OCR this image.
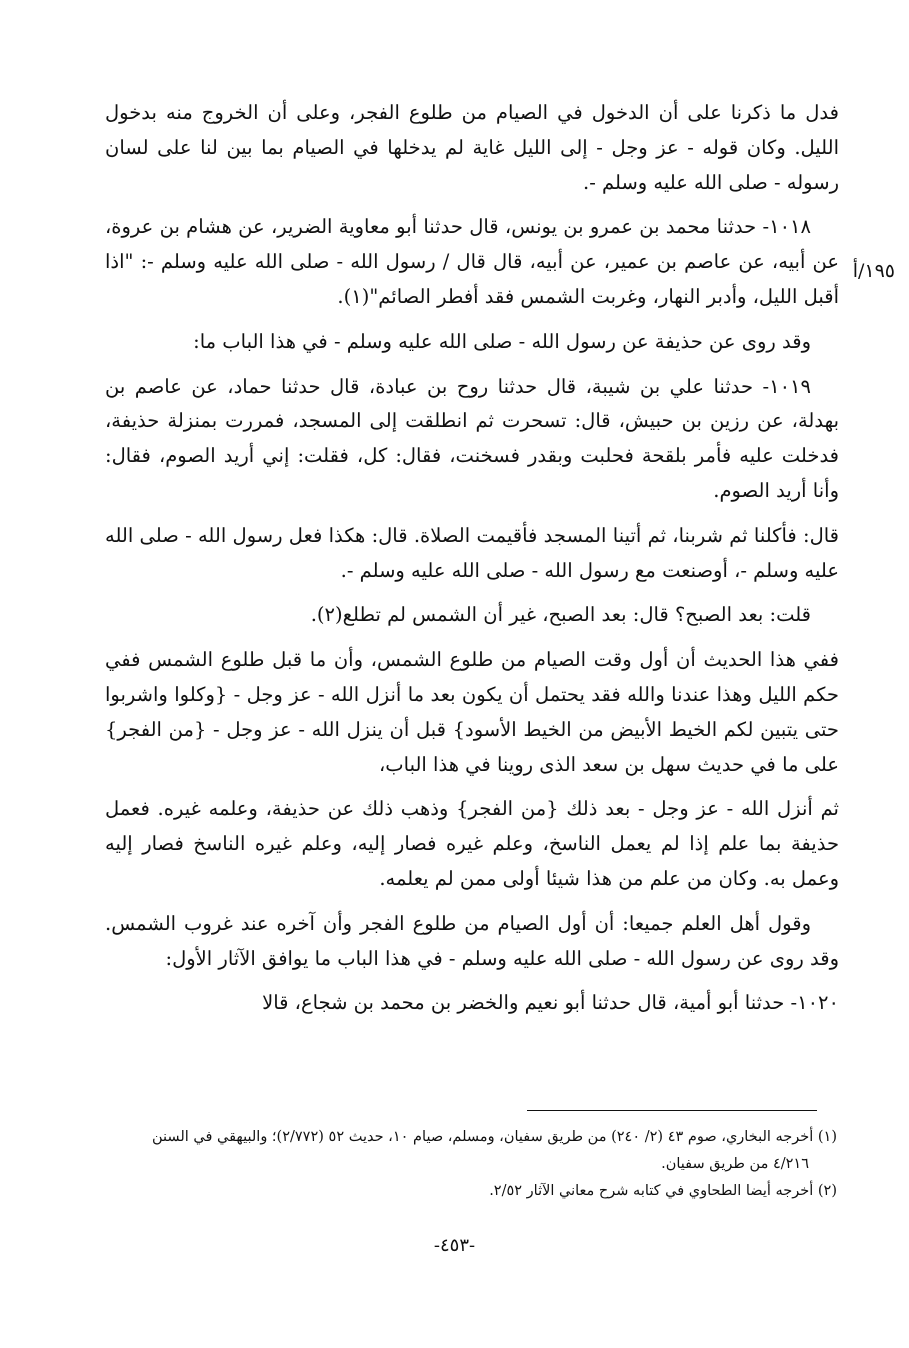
١٩٥/أ

فدل ما ذكرنا على أن الدخول في الصيام من طلوع الفجر، وعلى أن الخروج منه بدخول الليل. وكان قوله - عز وجل - إلى الليل غاية لم يدخلها في الصيام بما بين لنا على لسان رسوله - صلى الله عليه وسلم -.

١٠١٨- حدثنا محمد بن عمرو بن يونس، قال حدثنا أبو معاوية الضرير، عن هشام بن عروة، عن أبيه، عن عاصم بن عمير، عن أبيه، قال قال / رسول الله - صلى الله عليه وسلم -: "اذا أقبل الليل، وأدبر النهار، وغربت الشمس فقد أفطر الصائم"(١).

وقد روى عن حذيفة عن رسول الله - صلى الله عليه وسلم - في هذا الباب ما:

١٠١٩- حدثنا علي بن شيبة، قال حدثنا روح بن عبادة، قال حدثنا حماد، عن عاصم بن بهدلة، عن رزين بن حبيش، قال: تسحرت ثم انطلقت إلى المسجد، فمررت بمنزلة حذيفة، فدخلت عليه فأمر بلقحة فحلبت وبقدر فسخنت، فقال: كل، فقلت: إني أريد الصوم، فقال: وأنا أريد الصوم.

قال: فأكلنا ثم شربنا، ثم أتينا المسجد فأقيمت الصلاة. قال: هكذا فعل رسول الله - صلى الله عليه وسلم -، أوصنعت مع رسول الله - صلى الله عليه وسلم -.

قلت: بعد الصبح؟ قال: بعد الصبح، غير أن الشمس لم تطلع(٢).

ففي هذا الحديث أن أول وقت الصيام من طلوع الشمس، وأن ما قبل طلوع الشمس ففي حكم الليل وهذا عندنا والله فقد يحتمل أن يكون بعد ما أنزل الله - عز وجل - {وكلوا واشربوا حتى يتبين لكم الخيط الأبيض من الخيط الأسود} قبل أن ينزل الله - عز وجل - {من الفجر} على ما في حديث سهل بن سعد الذى روينا في هذا الباب،

ثم أنزل الله - عز وجل - بعد ذلك {من الفجر} وذهب ذلك عن حذيفة، وعلمه غيره. فعمل حذيفة بما علم إذا لم يعمل الناسخ، وعلم غيره فصار إليه، وعلم غيره الناسخ فصار إليه وعمل به. وكان من علم من هذا شيئا أولى ممن لم يعلمه.

وقول أهل العلم جميعا: أن أول الصيام من طلوع الفجر وأن آخره عند غروب الشمس. وقد روى عن رسول الله - صلى الله عليه وسلم - في هذا الباب ما يوافق الآثار الأول:

١٠٢٠- حدثنا أبو أمية، قال حدثنا أبو نعيم والخضر بن محمد بن شجاع، قالا

(١) أخرجه البخاري، صوم ٤٣ (٢/ ٢٤٠) من طريق سفيان، ومسلم، صيام ١٠، حديث ٥٢ (٢/٧٧٢)؛ والبيهقي في السنن

٤/٢١٦ من طريق سفيان.

(٢) أخرجه أيضا الطحاوي في كتابه شرح معاني الآثار ٢/٥٢.

-٤٥٣-
